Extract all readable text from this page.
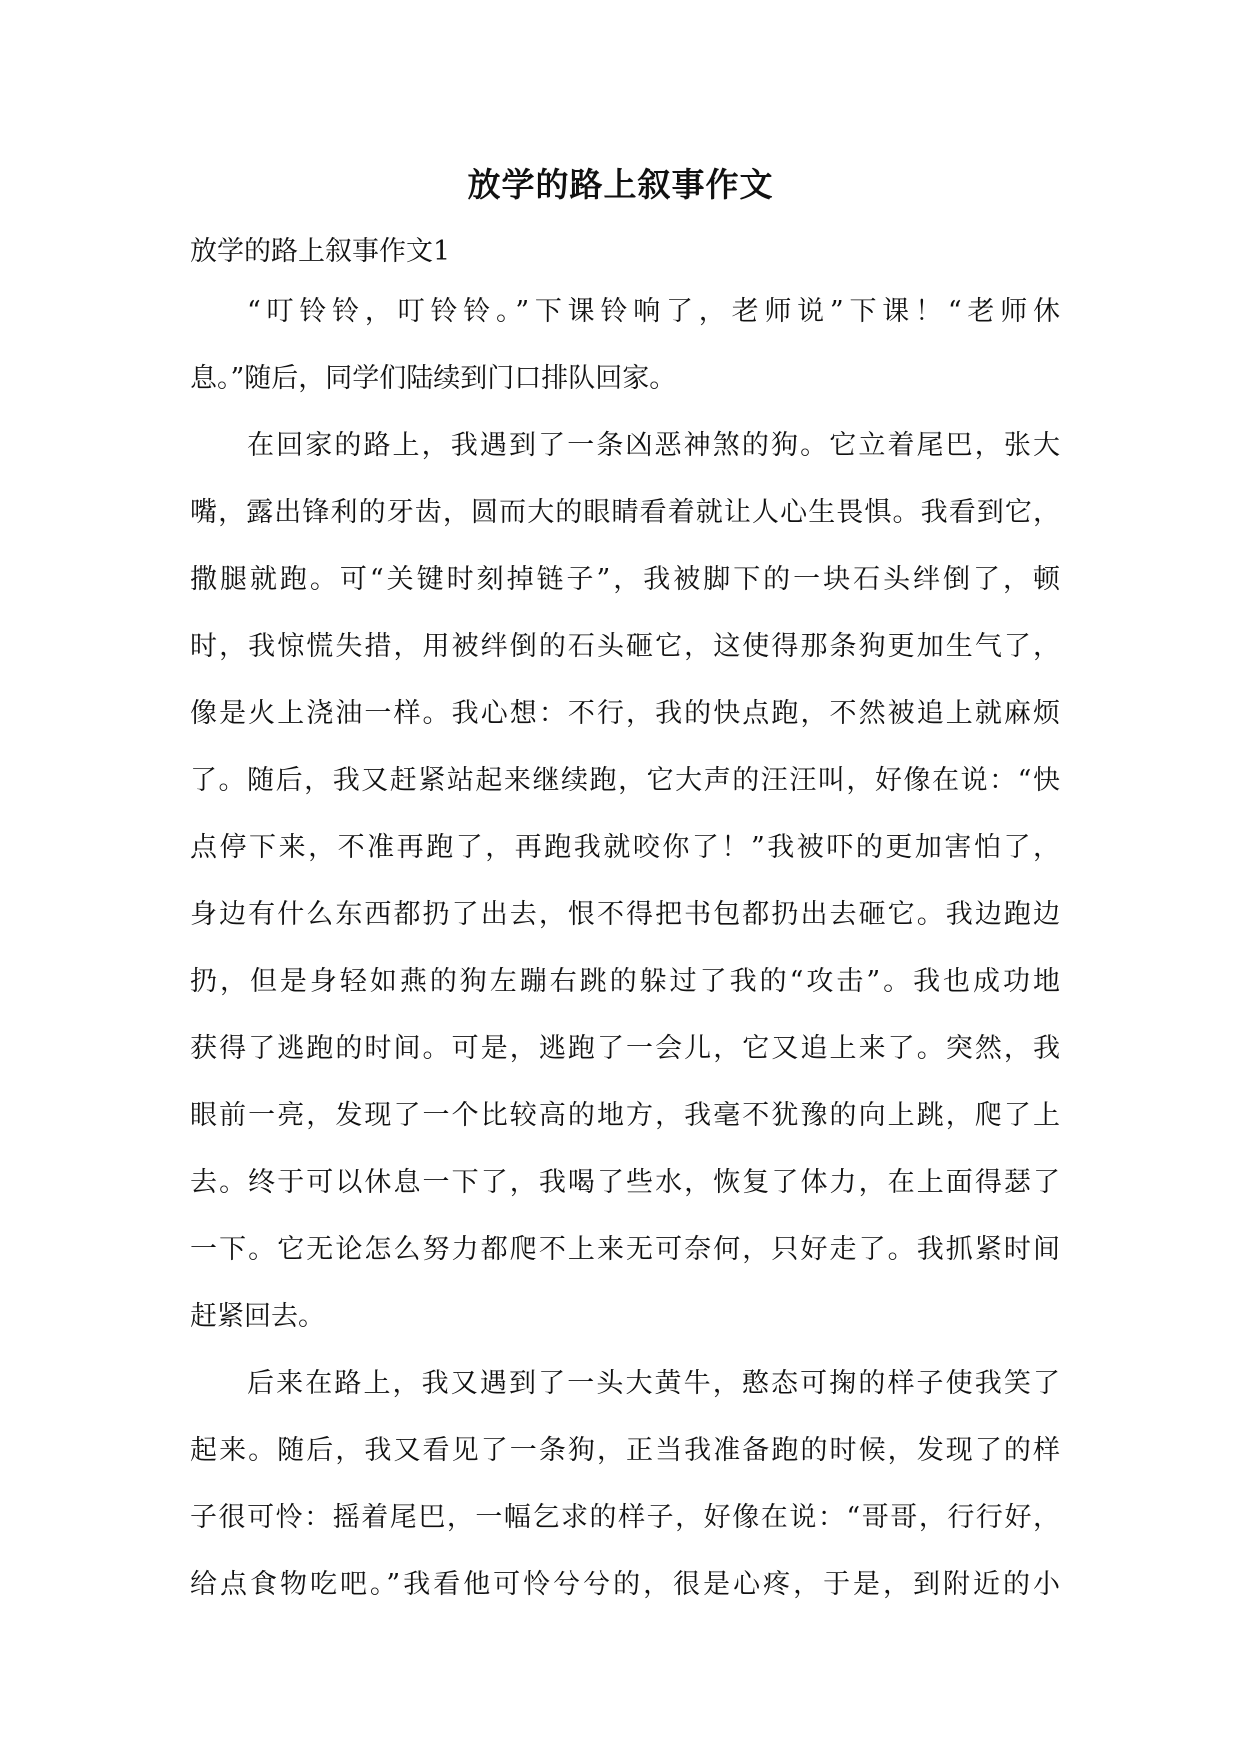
放学的路上叙事作文

放学的路上叙事作文1

“叮铃铃，叮铃铃。”下课铃响了，老师说”下课！“老师休
息。”随后，同学们陆续到门口排队回家。
在回家的路上，我遇到了一条凶恶神煞的狗。它立着尾巴，张大
嘴，露出锋利的牙齿，圆而大的眼睛看着就让人心生畏惧。我看到它，
撒腿就跑。可“关键时刻掉链子”，我被脚下的一块石头绊倒了，顿
时，我惊慌失措，用被绊倒的石头砸它，这使得那条狗更加生气了，
像是火上浇油一样。我心想：不行，我的快点跑，不然被追上就麻烦
了。随后，我又赶紧站起来继续跑，它大声的汪汪叫，好像在说：“快
点停下来，不准再跑了，再跑我就咬你了！”我被吓的更加害怕了，
身边有什么东西都扔了出去，恨不得把书包都扔出去砸它。我边跑边
扔，但是身轻如燕的狗左蹦右跳的躲过了我的“攻击”。我也成功地
获得了逃跑的时间。可是，逃跑了一会儿，它又追上来了。突然，我
眼前一亮，发现了一个比较高的地方，我毫不犹豫的向上跳，爬了上
去。终于可以休息一下了，我喝了些水，恢复了体力，在上面得瑟了
一下。它无论怎么努力都爬不上来无可奈何，只好走了。我抓紧时间
赶紧回去。
后来在路上，我又遇到了一头大黄牛，憨态可掬的样子使我笑了
起来。随后，我又看见了一条狗，正当我准备跑的时候，发现了的样
子很可怜：摇着尾巴，一幅乞求的样子，好像在说：“哥哥，行行好，
给点食物吃吧。”我看他可怜兮兮的，很是心疼，于是，到附近的小
